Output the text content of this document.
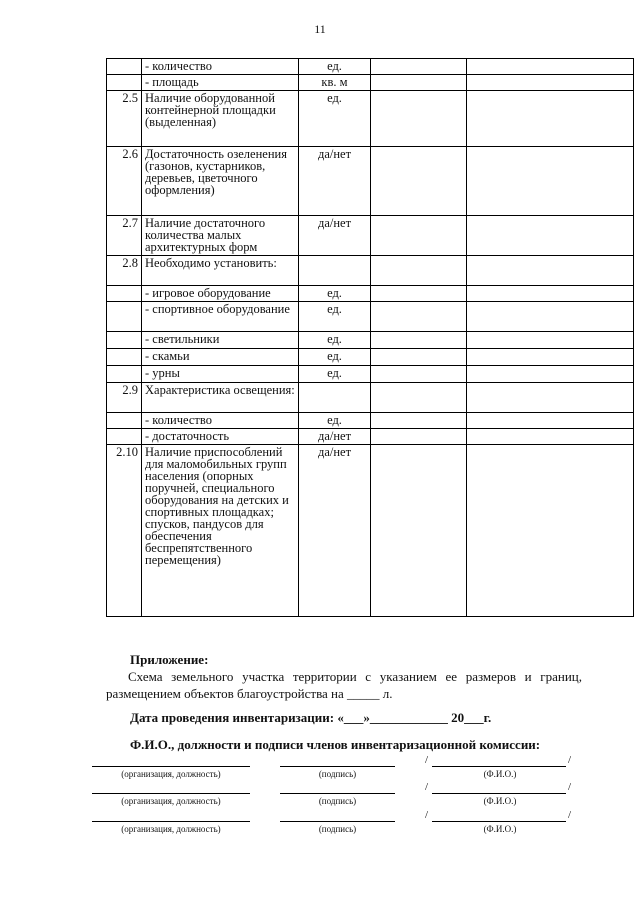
11
	- количество	ед.		
	- площадь	кв. м		
2.5	Наличие оборудованной контейнерной площадки (выделенная)	ед.		
2.6	Достаточность озеленения (газонов, кустарников, деревьев, цветочного оформления)	да/нет		
2.7	Наличие достаточного количества малых архитектурных форм	да/нет		
2.8	Необходимо установить:			
	- игровое оборудование	ед.		
	- спортивное оборудование	ед.		
	- светильники	ед.		
	- скамьи	ед.		
	- урны	ед.		
2.9	Характеристика освещения:			
	- количество	ед.		
	- достаточность	да/нет		
2.10	Наличие приспособлений для маломобильных групп населения (опорных поручней, специального оборудования на детских и спортивных площадках; спусков, пандусов для обеспечения беспрепятственного перемещения)	да/нет		
Приложение:
Схема земельного участка территории с указанием ее размеров и границ, размещением объектов благоустройства на _____ л.
Дата проведения инвентаризации: «___»____________ 20___г.
Ф.И.О., должности и подписи членов инвентаризационной комиссии:
/	/
(организация, должность)	(подпись)	(Ф.И.О.)
/	/
(организация, должность)	(подпись)	(Ф.И.О.)
/	/
(организация, должность)	(подпись)	(Ф.И.О.)
